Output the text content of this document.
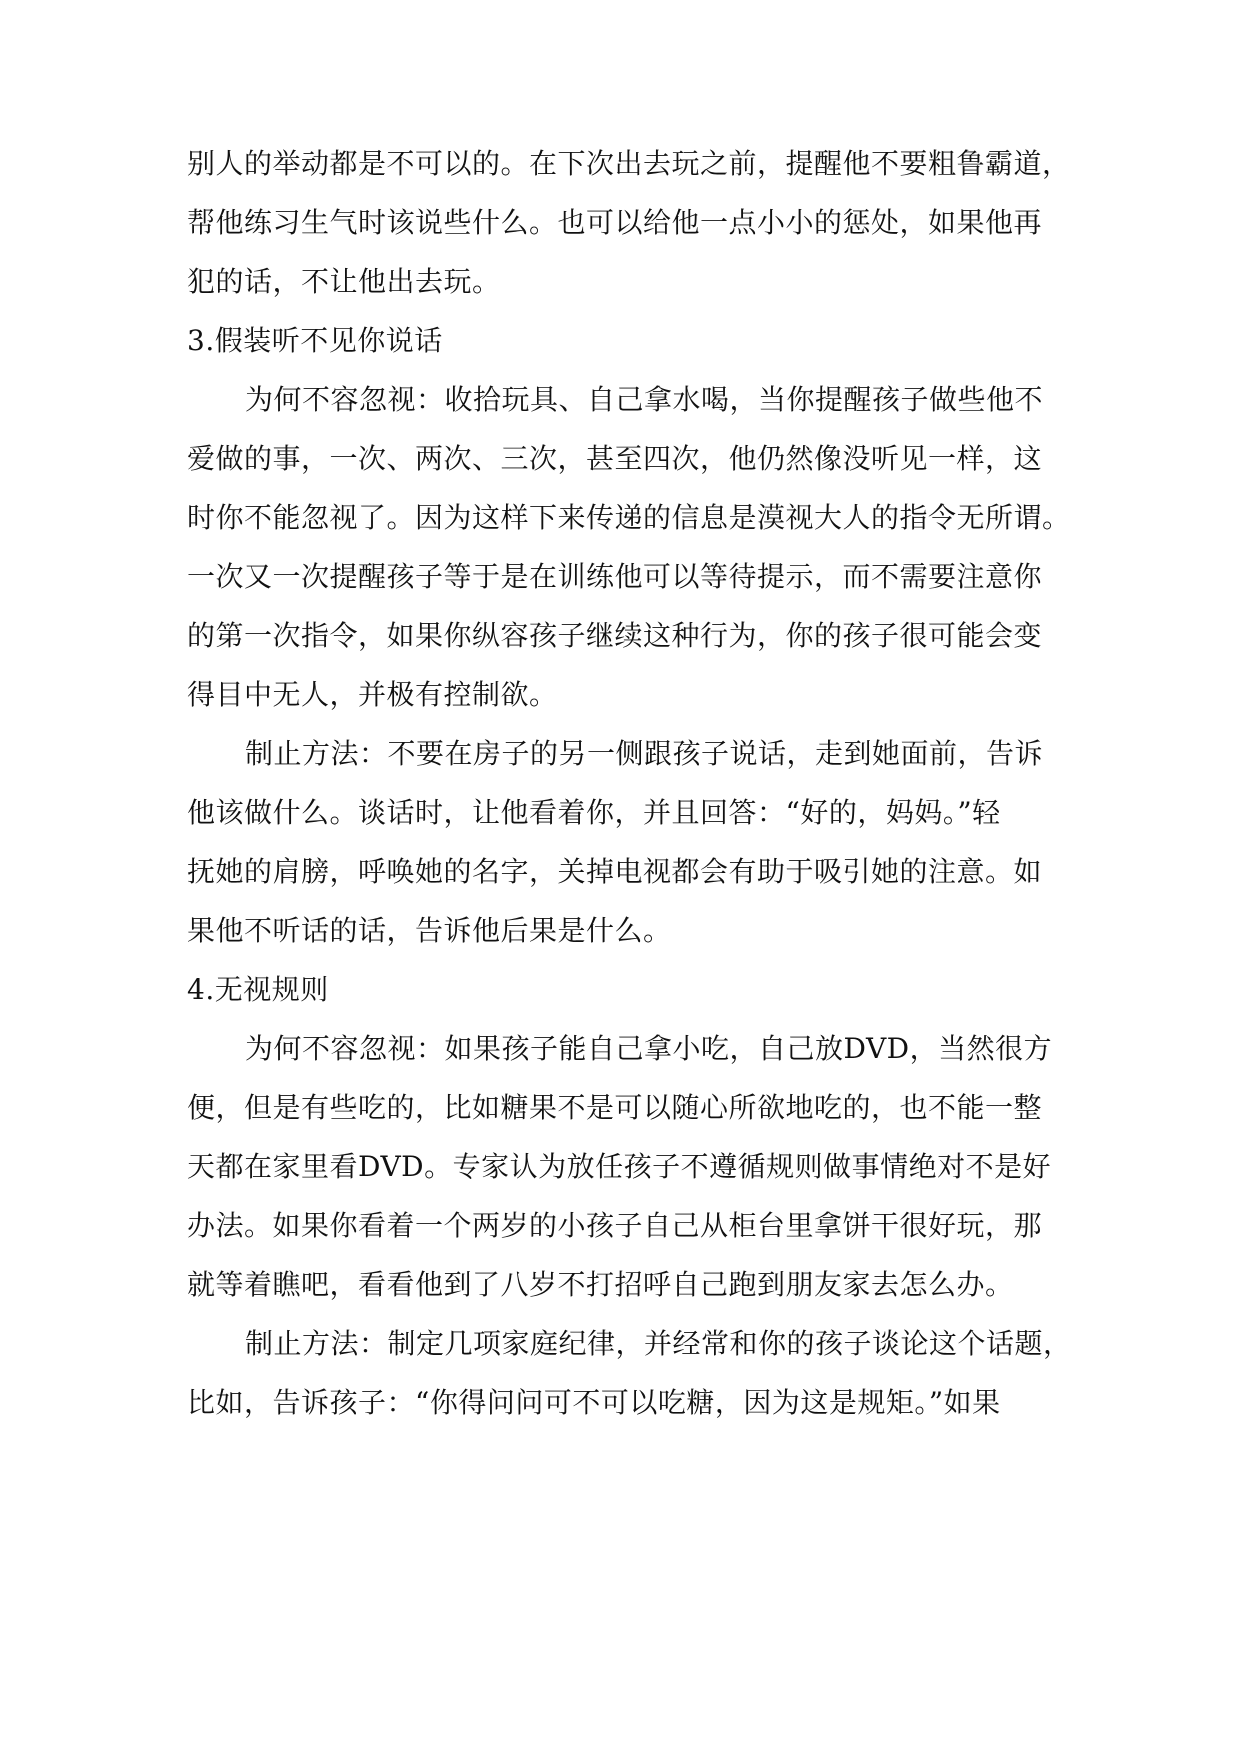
别人的举动都是不可以的。在下次出去玩之前，提醒他不要粗鲁霸道，
帮他练习生气时该说些什么。也可以给他一点小小的惩处，如果他再
犯的话，不让他出去玩。
3.假装听不见你说话
为何不容忽视：收拾玩具、自己拿水喝，当你提醒孩子做些他不
爱做的事，一次、两次、三次，甚至四次，他仍然像没听见一样，这
时你不能忽视了。因为这样下来传递的信息是漠视大人的指令无所谓。
一次又一次提醒孩子等于是在训练他可以等待提示，而不需要注意你
的第一次指令，如果你纵容孩子继续这种行为，你的孩子很可能会变
得目中无人，并极有控制欲。
制止方法：不要在房子的另一侧跟孩子说话，走到她面前，告诉
他该做什么。谈话时，让他看着你，并且回答：“好的，妈妈。”轻
抚她的肩膀，呼唤她的名字，关掉电视都会有助于吸引她的注意。如
果他不听话的话，告诉他后果是什么。
4.无视规则
为何不容忽视：如果孩子能自己拿小吃，自己放DVD，当然很方
便，但是有些吃的，比如糖果不是可以随心所欲地吃的，也不能一整
天都在家里看DVD。专家认为放任孩子不遵循规则做事情绝对不是好
办法。如果你看着一个两岁的小孩子自己从柜台里拿饼干很好玩，那
就等着瞧吧，看看他到了八岁不打招呼自己跑到朋友家去怎么办。
制止方法：制定几项家庭纪律，并经常和你的孩子谈论这个话题，
比如，告诉孩子：“你得问问可不可以吃糖，因为这是规矩。”如果
